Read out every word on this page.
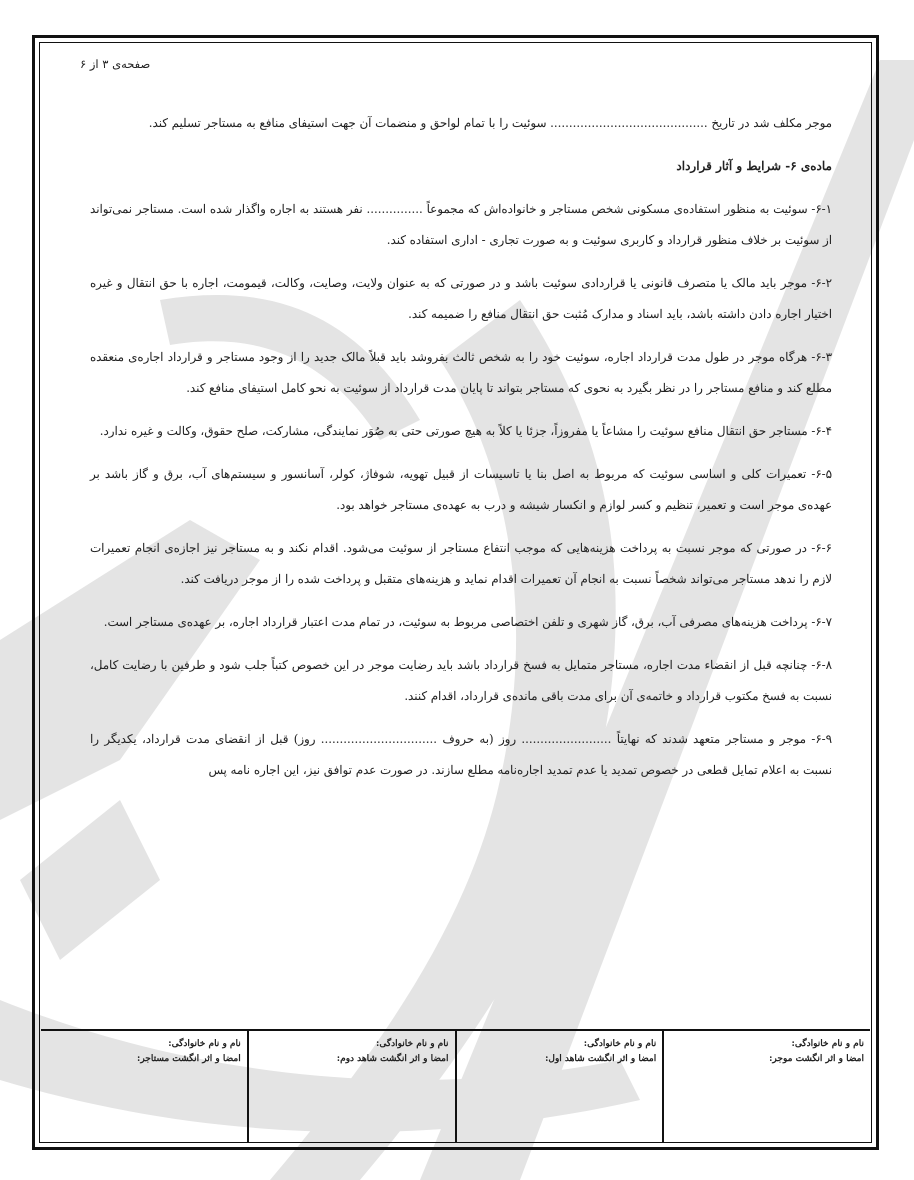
صفحه‌ی ۳ از ۶

موجر مکلف شد در تاریخ .......................................... سوئیت را با تمام لواحق و منضمات آن جهت استیفای منافع به مستاجر تسلیم کند.

ماده‌ی ۶- شرایط و آثار قرارداد

۶-۱- سوئیت به منظور استفاده‌ی مسکونی شخص مستاجر و خانواده‌اش که مجموعاً ............... نفر هستند به اجاره واگذار شده است. مستاجر نمی‌تواند از سوئیت بر خلاف منظور قرارداد و کاربری سوئیت و به صورت تجاری - اداری استفاده کند.

۶-۲- موجر باید مالک یا متصرف قانونی یا قراردادی سوئیت باشد و در صورتی که به عنوان ولایت، وصایت، وکالت، قیمومت، اجاره با حق انتقال و غیره اختیار اجاره دادن داشته باشد، باید اسناد و مدارک مُثبت حق انتقال منافع را ضمیمه کند.

۶-۳- هرگاه موجر در طول مدت قرارداد اجاره، سوئیت خود را به شخص ثالث بفروشد باید قبلاً مالک جدید را از وجود مستاجر و قرارداد اجاره‌ی منعقده مطلع کند و منافع مستاجر را در نظر بگیرد به نحوی که مستاجر بتواند تا پایان مدت قرارداد از سوئیت به نحو کامل استیفای منافع کند.

۶-۴- مستاجر حق انتقال منافع سوئیت را مشاعاً یا مفروزاً، جزئا یا کلاً به هیچ صورتی حتی به صُوَر نمایندگی، مشارکت، صلح حقوق، وکالت و غیره ندارد.

۶-۵- تعمیرات کلی و اساسی سوئیت که مربوط به اصل بنا یا تاسیسات از قبیل تهویه، شوفاژ، کولر، آسانسور و سیستم‌های آب، برق و گاز باشد بر عهده‌ی موجر است و تعمیر، تنظیم و کسر لوازم و انکسار شیشه و درب به عهده‌ی مستاجر خواهد بود.

۶-۶- در صورتی که موجر نسبت به پرداخت هزینه‌هایی که موجب انتفاع مستاجر از سوئیت می‌شود. اقدام نکند و به مستاجر نیز اجازه‌ی انجام تعمیرات لازم را ندهد مستاجر می‌تواند شخصاً نسبت به انجام آن تعمیرات اقدام نماید و هزینه‌های متقبل و پرداخت شده را از موجر دریافت کند.

۶-۷- پرداخت هزینه‌های مصرفی آب، برق، گاز شهری و تلفن اختصاصی مربوط به سوئیت، در تمام مدت اعتبار قرارداد اجاره، بر عهده‌ی مستاجر است.

۶-۸- چنانچه قبل از انقضاء مدت اجاره، مستاجر متمایل به فسخ قرارداد باشد باید رضایت موجر در این خصوص کتباً جلب شود و طرفین با رضایت کامل، نسبت به فسخ مکتوب قرارداد و خاتمه‌ی آن برای مدت باقی مانده‌ی قرارداد، اقدام کنند.

۶-۹- موجر و مستاجر متعهد شدند که نهایتاً ........................ روز (به حروف ............................... روز) قبل از انقضای مدت قرارداد، یکدیگر را نسبت به اعلام تمایل قطعی در خصوص تمدید یا عدم تمدید اجاره‌نامه مطلع سازند. در صورت عدم توافق نیز، این اجاره نامه پس

نام و نام خانوادگی:
امضا و اثر انگشت موجر:
نام و نام خانوادگی:
امضا و اثر انگشت شاهد اول:
نام و نام خانوادگی:
امضا و اثر انگشت شاهد دوم:
نام و نام خانوادگی:
امضا و اثر انگشت مستاجر:
